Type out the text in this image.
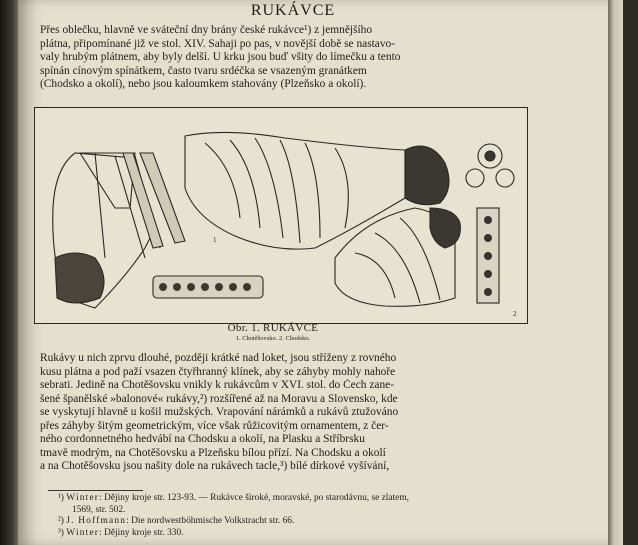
RUKÁVCE
Přes oblečku, hlavně ve sváteční dny brány české rukávce¹) z jemnějšího
plátna, připomínané již ve stol. XIV. Sahaji po pas, v novější době se nastavo-
valy hrubým plátnem, aby byly delší. U krku jsou buď všity do límečku a tento
spínán cínovým spínátkem, často tvaru srdéčka se vsazeným granátkem
(Chodsko a okolí), nebo jsou kaloumkem stahovány (Plzeňsko a okolí).
1
2
Obr. 1. RUKÁVCE
1. Chotěšovsko. 2. Chodsko.
Rukávy u nich zprvu dlouhé, později krátké nad loket, jsou stříženy z rovného
kusu plátna a pod paží vsazen čtyřhranný klínek, aby se záhyby mohly nahoře
sebrati. Jedině na Chotěšovsku vnikly k rukávcům v XVI. stol. do Čech zane-
šené španělské »balonové« rukávy,²) rozšířené až na Moravu a Slovensko, kde
se vyskytují hlavně u košil mužských. Vrapování nárámků a rukávů ztužováno
přes záhyby šitým geometrickým, více však růžicovitým ornamentem, z čer-
ného cordonnetného hedvábí na Chodsku a okolí, na Plasku a Stříbrsku
tmavě modrým, na Chotěšovsku a Plzeňsku bílou přízí. Na Chodsku a okolí
a na Chotěšovsku jsou našity dole na rukávech tacle,³) bílé dírkové vyšívání,
¹) Winter: Dějiny kroje str. 123-93. — Rukávce široké, moravské, po starodávnu, se zlatem,
1569, str. 502.
²) J. Hoffmann: Die nordwestböhmische Volkstracht str. 66.
³) Winter: Dějiny kroje str. 330.
